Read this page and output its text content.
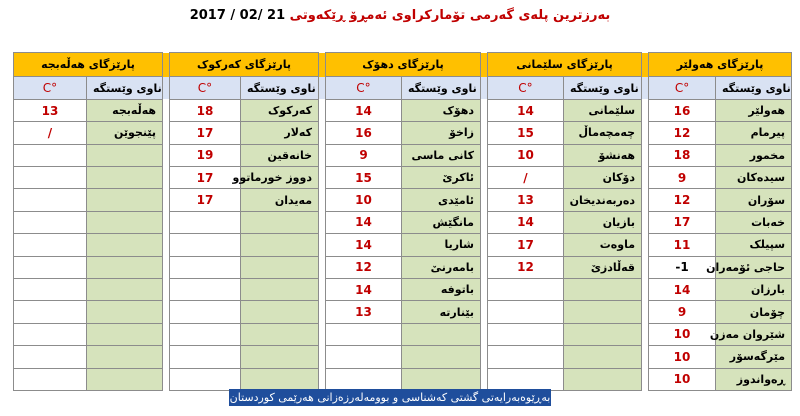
2017 / 02/ 21 بەرزترین پلەی گەرمی تۆمارکراوی ئەمڕۆ ڕێکەوتی
پارێزگای هەڵەبجە			پارێزگای کەرکوک			پارێزگای دهۆک			پارێزگای سلێمانی			پارێزگای هەولێر	
C°	ناوی وێستگە		C°	ناوی وێستگە		C°	ناوی وێستگە		C°	ناوی وێستگە		C°	ناوی وێستگە
13	هەڵەبجە		18	کەرکوک		14	دهۆک		14	سلێمانی		16	هەولێر
/	پێنجوێن		17	کەلار		16	زاخۆ		15	چەمچەماڵ		12	پیرمام
			19	خانەقین		9	کانی ماسی		10	هەنشۆ		18	مخمور
			17	دووز خورماتوو		15	ئاکرێ		/	دۆکان		9	سیدەکان
			17	مەیدان		10	ئامێدی		13	دەربەندیخان		12	سۆران
						14	مانگێش		14	بازیان		17	خەبات
						14	شاریا		17	ماوەت		11	سپیلک
						12	بامەرنێ		12	قەڵادزێ		-1	حاجی ئۆمەران
						14	باتوفە					14	بارزان
						13	بێنارتە					9	چۆمان
												10	شێروان مەزن
												10	مێرگەسۆر
												10	ڕەواندوز
بەڕێوەبەرایەتی گشتی کەشناسی و بوومەلەرزەزانی هەرێمی کوردستان
